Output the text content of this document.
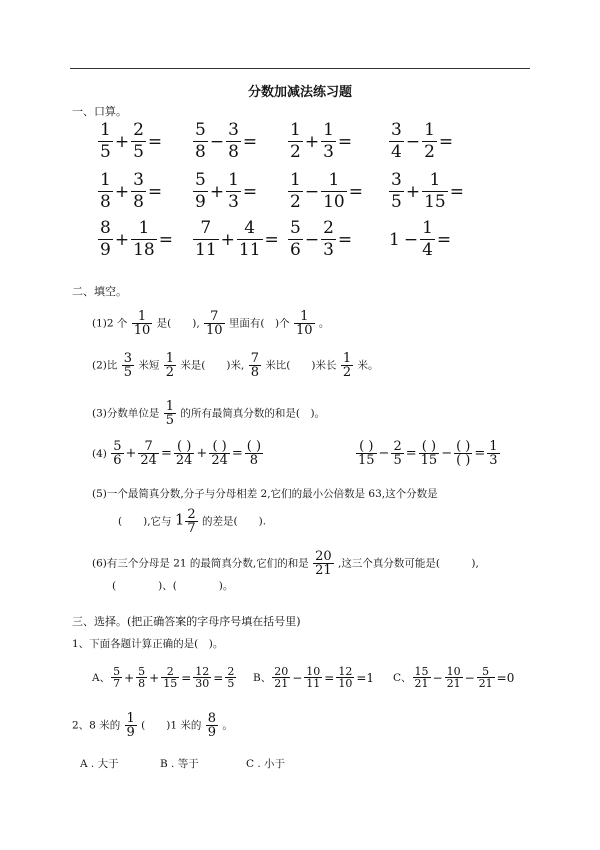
分数加减法练习题
一、口算。
$\frac{1}{5} + \frac{2}{5} = \frac{5}{8} - \frac{3}{8} = \frac{1}{2} + \frac{1}{3} = \frac{3}{4} - \frac{1}{2}$ =
$\frac{1}{8} + \frac{3}{8} = \frac{5}{9} + \frac{1}{3} = \frac{1}{2} - \frac{1}{10} = \frac{3}{5} + \frac{1}{15}$ =
$\frac{8}{9} + \frac{1}{18} = \frac{7}{11} + \frac{4}{11} = \frac{5}{6} - \frac{2}{3} = 1 - \frac{1}{4}$ =
二、填空。
(1)2 个 $\frac{1}{10}$ 是(　　), $\frac{7}{10}$ 里面有(　)个 $\frac{1}{10}$ 。
(2)比 $\frac{3}{5}$ 米短 $\frac{1}{2}$ 米是(　　)米, $\frac{7}{8}$ 米比(　　)米长 $\frac{1}{2}$ 米。
(3)分数单位是 $\frac{1}{5}$ 的所有最简真分数的和是(　)。
$(4) \frac{5}{6} + \frac{7}{24} = \frac{( )}{24} + \frac{( )}{24} = \frac{( )}{8}$	$\frac{( )}{15} - \frac{2}{5} = \frac{( )}{15} - \frac{( )}{( )} = \frac{1}{3}$
(5)一个最简真分数,分子与分母相差 2,它们的最小公倍数是 63,这个分数是
(　　),它与 $1 \frac{2}{7}$ 的差是(　　).
(6)有三个分母是 21 的最简真分数,它们的和是 $\frac{20}{21}$ ,这三个真分数可能是(　　　),
(　　　　)、(　　　　)。
三、选择。(把正确答案的字母序号填在括号里)
1、下面各题计算正确的是(　)。
A、 $\frac{5}{7} + \frac{5}{8} + \frac{2}{15} = \frac{12}{30} = \frac{2}{5}$ B、 $\frac{20}{21} - \frac{10}{11} = \frac{12}{10} =1$ C、 $\frac{15}{21} - \frac{10}{21} - \frac{5}{21} =0$
2、8 米的 $\frac{1}{9}$ (　　)1 米的 $\frac{8}{9}$ 。
A . 大于	B . 等于	C . 小于
